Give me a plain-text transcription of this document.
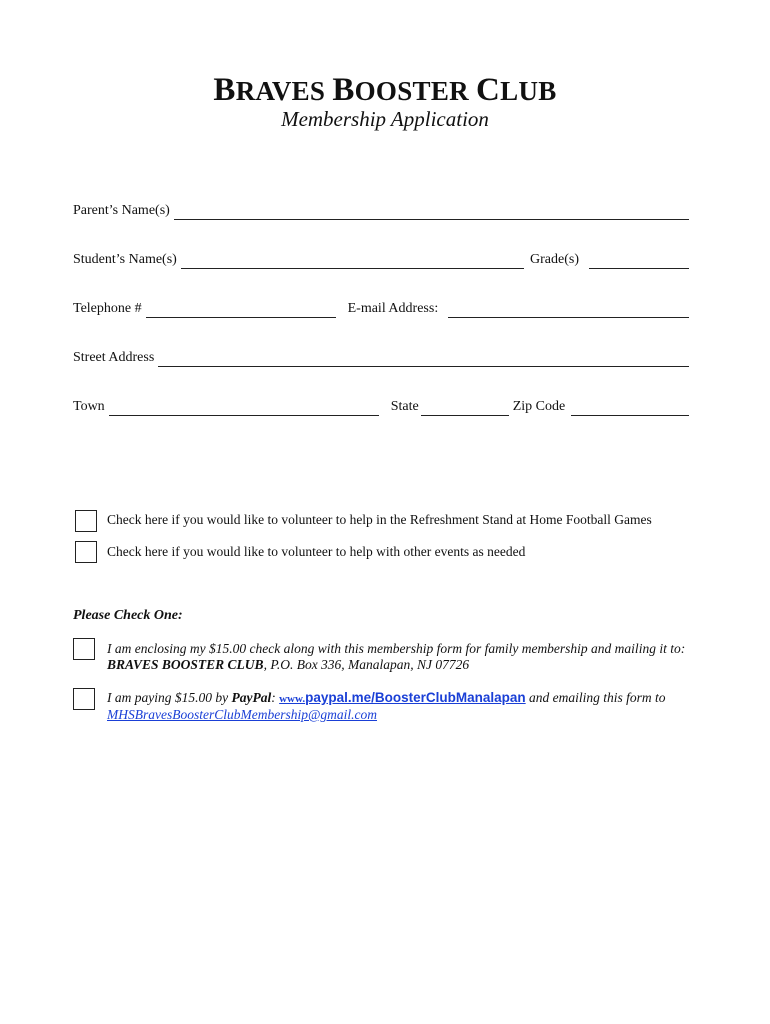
BRAVES BOOSTER CLUB
Membership Application
Parent’s Name(s)
Student’s Name(s)	Grade(s)
Telephone #	E-mail Address:
Street Address
Town	State	Zip Code
Check here if you would like to volunteer to help in the Refreshment Stand at Home Football Games
Check here if you would like to volunteer to help with other events as needed
Please Check One:
I am enclosing my $15.00 check along with this membership form for family membership and mailing it to: BRAVES BOOSTER CLUB, P.O. Box 336, Manalapan, NJ 07726
I am paying $15.00 by PayPal: www.paypal.me/BoosterClubManalapan and emailing this form to
MHSBravesBoosterClubMembership@gmail.com
